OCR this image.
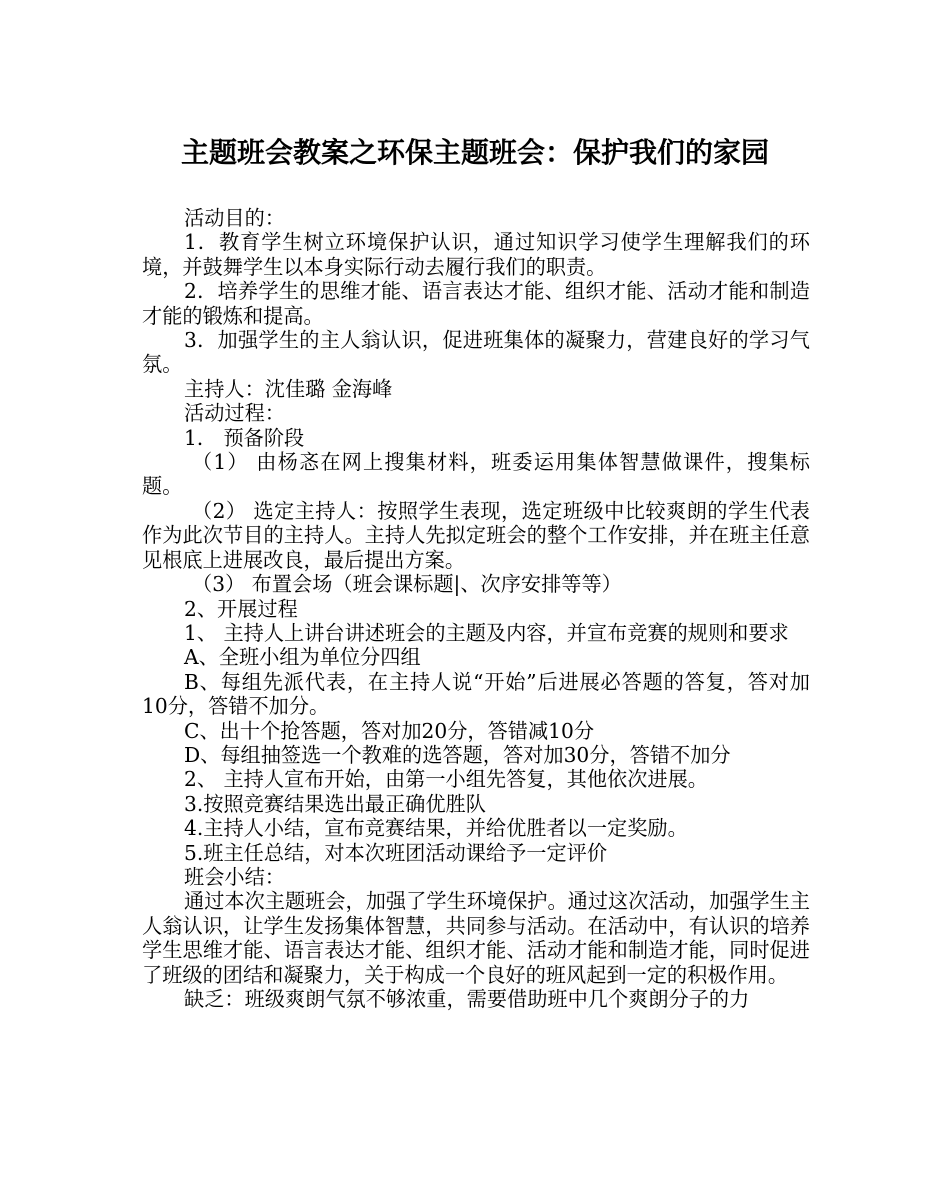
主题班会教案之环保主题班会：保护我们的家园

活动目的：

1．教育学生树立环境保护认识，通过知识学习使学生理解我们的环境，并鼓舞学生以本身实际行动去履行我们的职责。

2．培养学生的思维才能、语言表达才能、组织才能、活动才能和制造才能的锻炼和提高。

3．加强学生的主人翁认识，促进班集体的凝聚力，营建良好的学习气氛。

主持人：沈佳璐 金海峰

活动过程：

1． 预备阶段

（1） 由杨忞在网上搜集材料，班委运用集体智慧做课件，搜集标题。

（2） 选定主持人：按照学生表现，选定班级中比较爽朗的学生代表作为此次节目的主持人。主持人先拟定班会的整个工作安排，并在班主任意见根底上进展改良，最后提出方案。

（3） 布置会场（班会课标题|、次序安排等等）

2、开展过程

1、 主持人上讲台讲述班会的主题及内容，并宣布竞赛的规则和要求

A、全班小组为单位分四组

B、每组先派代表，在主持人说“开始”后进展必答题的答复，答对加10分，答错不加分。

C、出十个抢答题，答对加20分，答错减10分

D、每组抽签选一个教难的选答题，答对加30分，答错不加分

2、 主持人宣布开始，由第一小组先答复，其他依次进展。

3.按照竞赛结果选出最正确优胜队

4.主持人小结，宣布竞赛结果，并给优胜者以一定奖励。

5.班主任总结，对本次班团活动课给予一定评价

班会小结：

通过本次主题班会，加强了学生环境保护。通过这次活动，加强学生主人翁认识，让学生发扬集体智慧，共同参与活动。在活动中，有认识的培养学生思维才能、语言表达才能、组织才能、活动才能和制造才能，同时促进了班级的团结和凝聚力，关于构成一个良好的班风起到一定的积极作用。

缺乏：班级爽朗气氛不够浓重，需要借助班中几个爽朗分子的力
